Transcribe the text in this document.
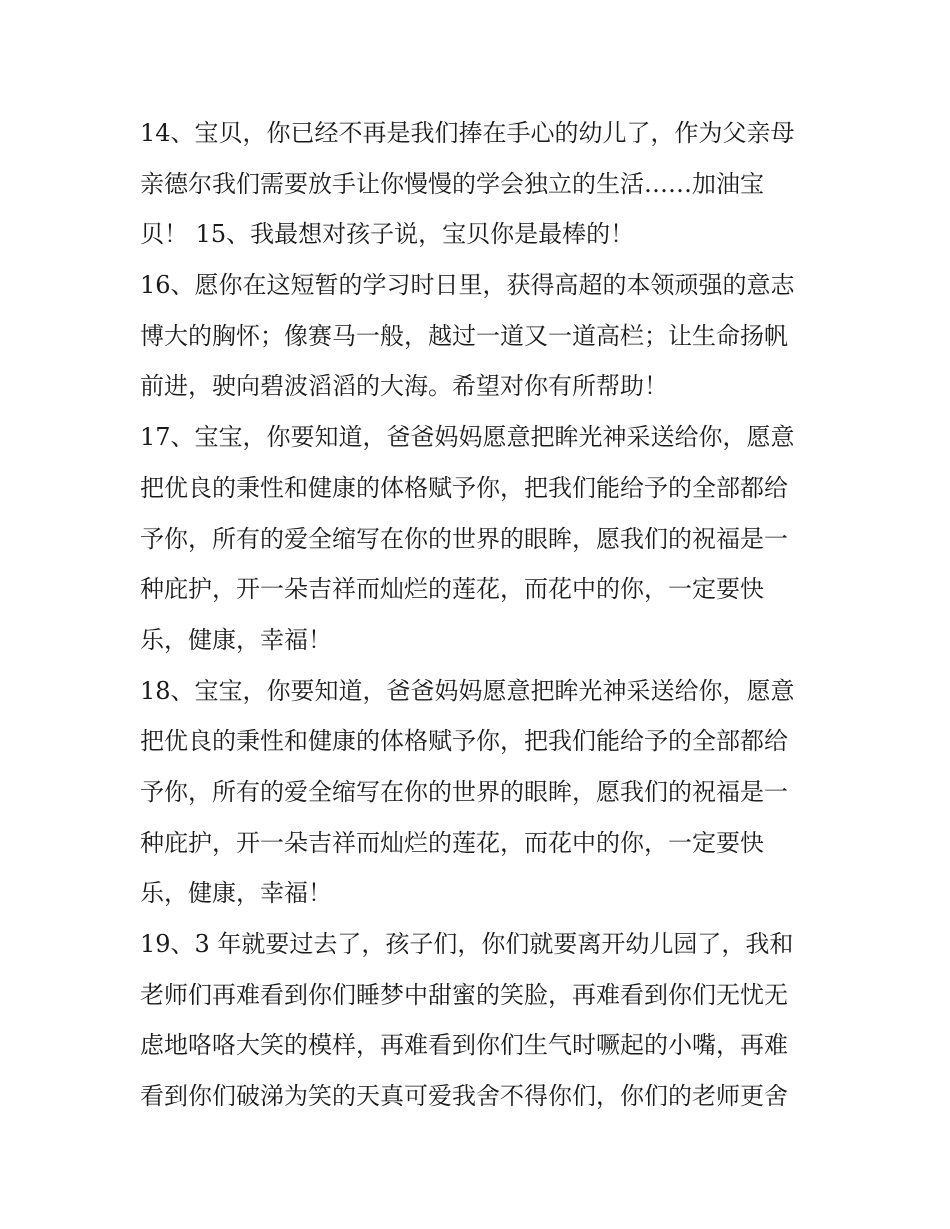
14、宝贝，你已经不再是我们捧在手心的幼儿了，作为父亲母
亲德尔我们需要放手让你慢慢的学会独立的生活……加油宝
贝！ 15、我最想对孩子说，宝贝你是最棒的！
16、愿你在这短暂的学习时日里，获得高超的本领顽强的意志
博大的胸怀；像赛马一般，越过一道又一道高栏；让生命扬帆
前进，驶向碧波滔滔的大海。希望对你有所帮助！
17、宝宝，你要知道，爸爸妈妈愿意把眸光神采送给你，愿意
把优良的秉性和健康的体格赋予你，把我们能给予的全部都给
予你，所有的爱全缩写在你的世界的眼眸，愿我们的祝福是一
种庇护，开一朵吉祥而灿烂的莲花，而花中的你，一定要快
乐，健康，幸福！
18、宝宝，你要知道，爸爸妈妈愿意把眸光神采送给你，愿意
把优良的秉性和健康的体格赋予你，把我们能给予的全部都给
予你，所有的爱全缩写在你的世界的眼眸，愿我们的祝福是一
种庇护，开一朵吉祥而灿烂的莲花，而花中的你，一定要快
乐，健康，幸福！
19、3 年就要过去了，孩子们，你们就要离开幼儿园了，我和
老师们再难看到你们睡梦中甜蜜的笑脸，再难看到你们无忧无
虑地咯咯大笑的模样，再难看到你们生气时噘起的小嘴，再难
看到你们破涕为笑的天真可爱我舍不得你们，你们的老师更舍
